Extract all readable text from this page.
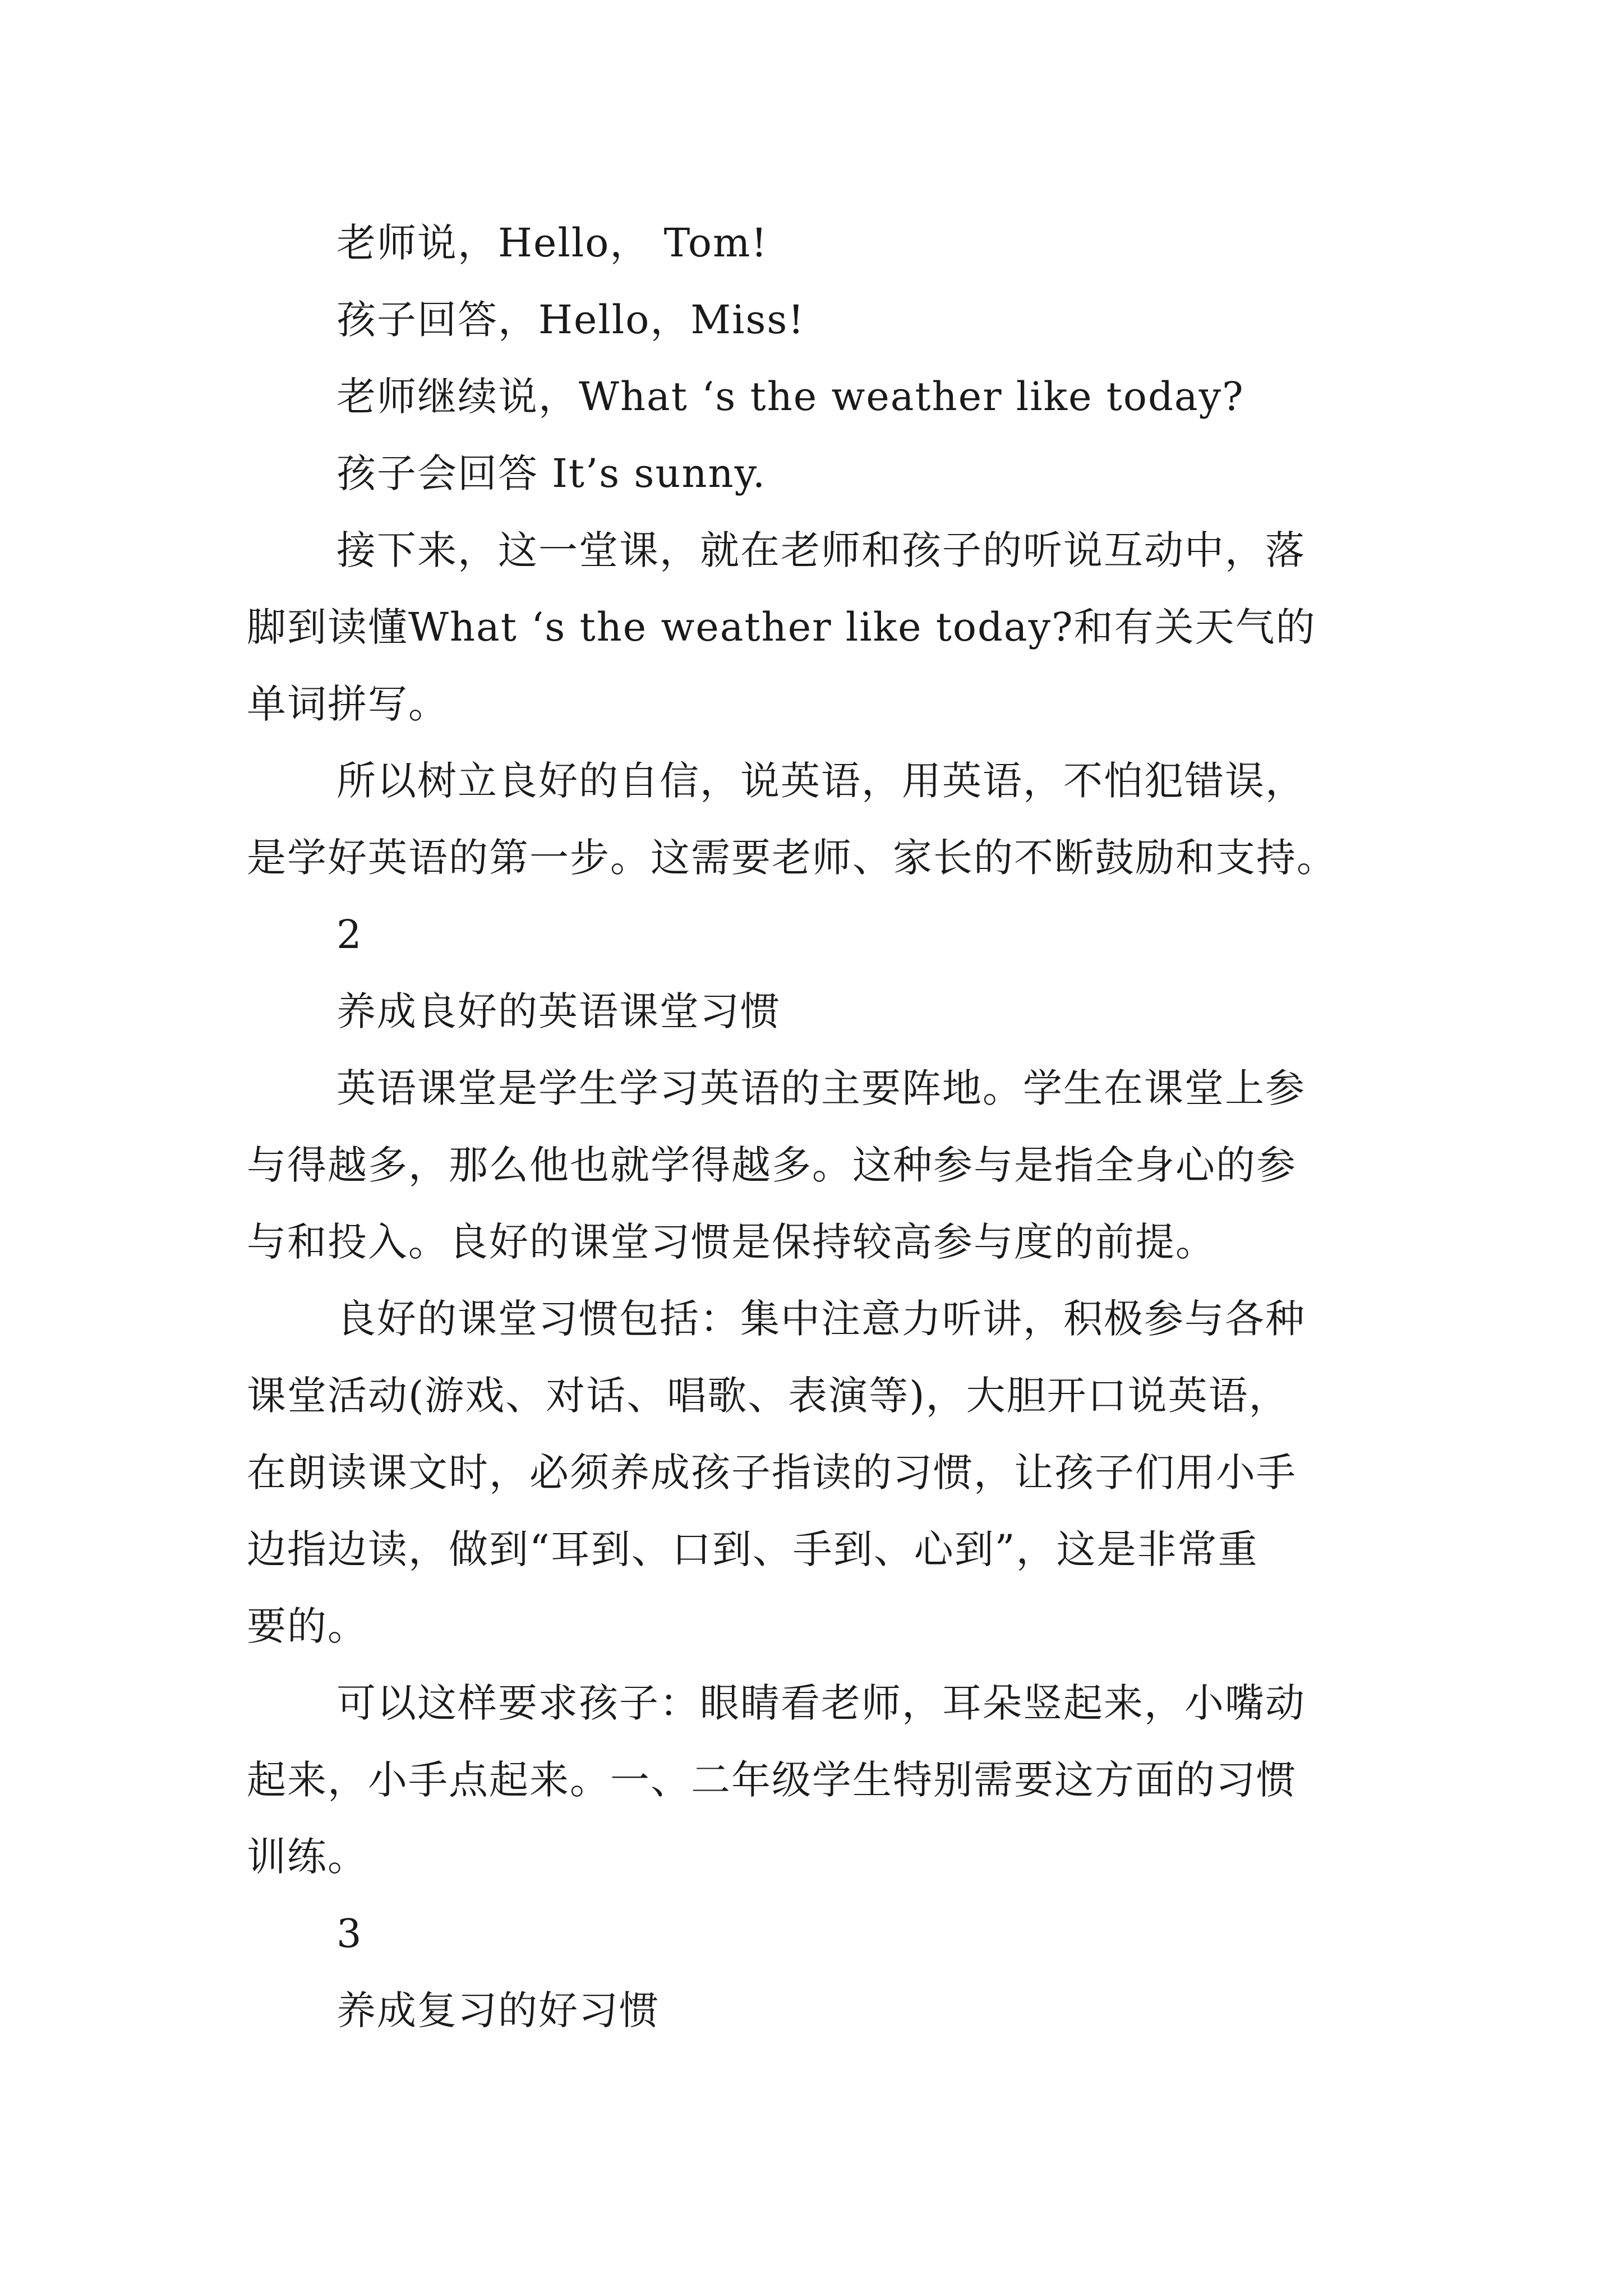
老师说，Hello， Tom!
孩子回答，Hello，Miss!
老师继续说，What ‘s the weather like today?
孩子会回答 It’s sunny.
接下来，这一堂课，就在老师和孩子的听说互动中，落
脚到读懂What ‘s the weather like today?和有关天气的
单词拼写。
所以树立良好的自信，说英语，用英语，不怕犯错误，
是学好英语的第一步。这需要老师、家长的不断鼓励和支持。
2
养成良好的英语课堂习惯
英语课堂是学生学习英语的主要阵地。学生在课堂上参
与得越多，那么他也就学得越多。这种参与是指全身心的参
与和投入。良好的课堂习惯是保持较高参与度的前提。
良好的课堂习惯包括：集中注意力听讲，积极参与各种
课堂活动(游戏、对话、唱歌、表演等)，大胆开口说英语，
在朗读课文时，必须养成孩子指读的习惯，让孩子们用小手
边指边读，做到“耳到、口到、手到、心到”，这是非常重
要的。
可以这样要求孩子：眼睛看老师，耳朵竖起来，小嘴动
起来，小手点起来。一、二年级学生特别需要这方面的习惯
训练。
3
养成复习的好习惯
